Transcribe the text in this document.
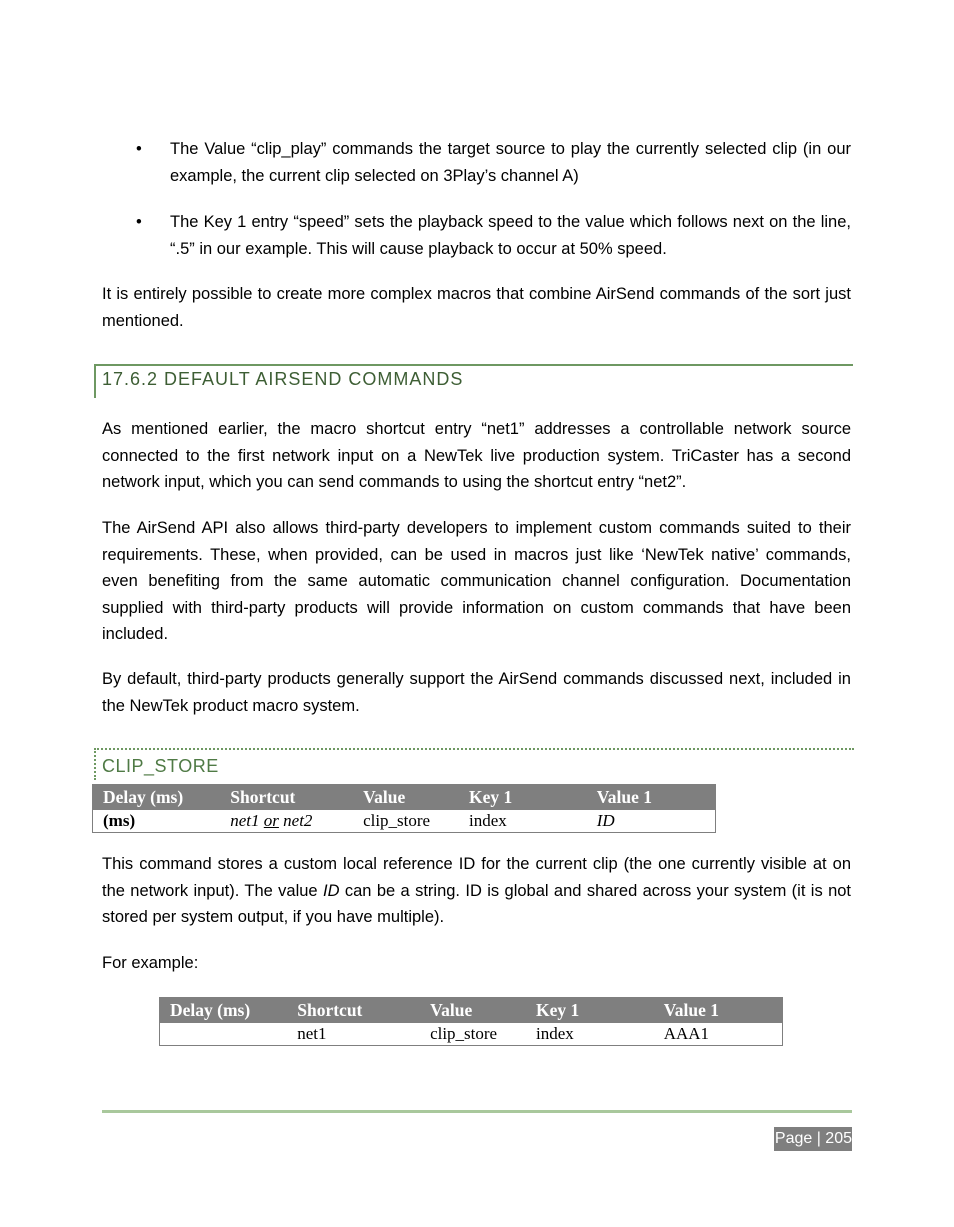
• The Value “clip_play” commands the target source to play the currently selected clip (in our example, the current clip selected on 3Play’s channel A)
• The Key 1 entry “speed” sets the playback speed to the value which follows next on the line, “.5” in our example. This will cause playback to occur at 50% speed.

It is entirely possible to create more complex macros that combine AirSend commands of the sort just mentioned.

17.6.2 DEFAULT AIRSEND COMMANDS

As mentioned earlier, the macro shortcut entry “net1” addresses a controllable network source connected to the first network input on a NewTek live production system. TriCaster has a second network input, which you can send commands to using the shortcut entry “net2”.

The AirSend API also allows third-party developers to implement custom commands suited to their requirements. These, when provided, can be used in macros just like ‘NewTek native’ commands, even benefiting from the same automatic communication channel configuration. Documentation supplied with third-party products will provide information on custom commands that have been included.

By default, third-party products generally support the AirSend commands discussed next, included in the NewTek product macro system.

CLIP_STORE
Delay (ms)	Shortcut	Value	Key 1	Value 1
(ms)	net1 or net2	clip_store	index	ID

This command stores a custom local reference ID for the current clip (the one currently visible at on the network input). The value ID can be a string. ID is global and shared across your system (it is not stored per system output, if you have multiple).

For example:

Delay (ms)	Shortcut	Value	Key 1	Value 1
	net1	clip_store	index	AAA1
Page | 205
